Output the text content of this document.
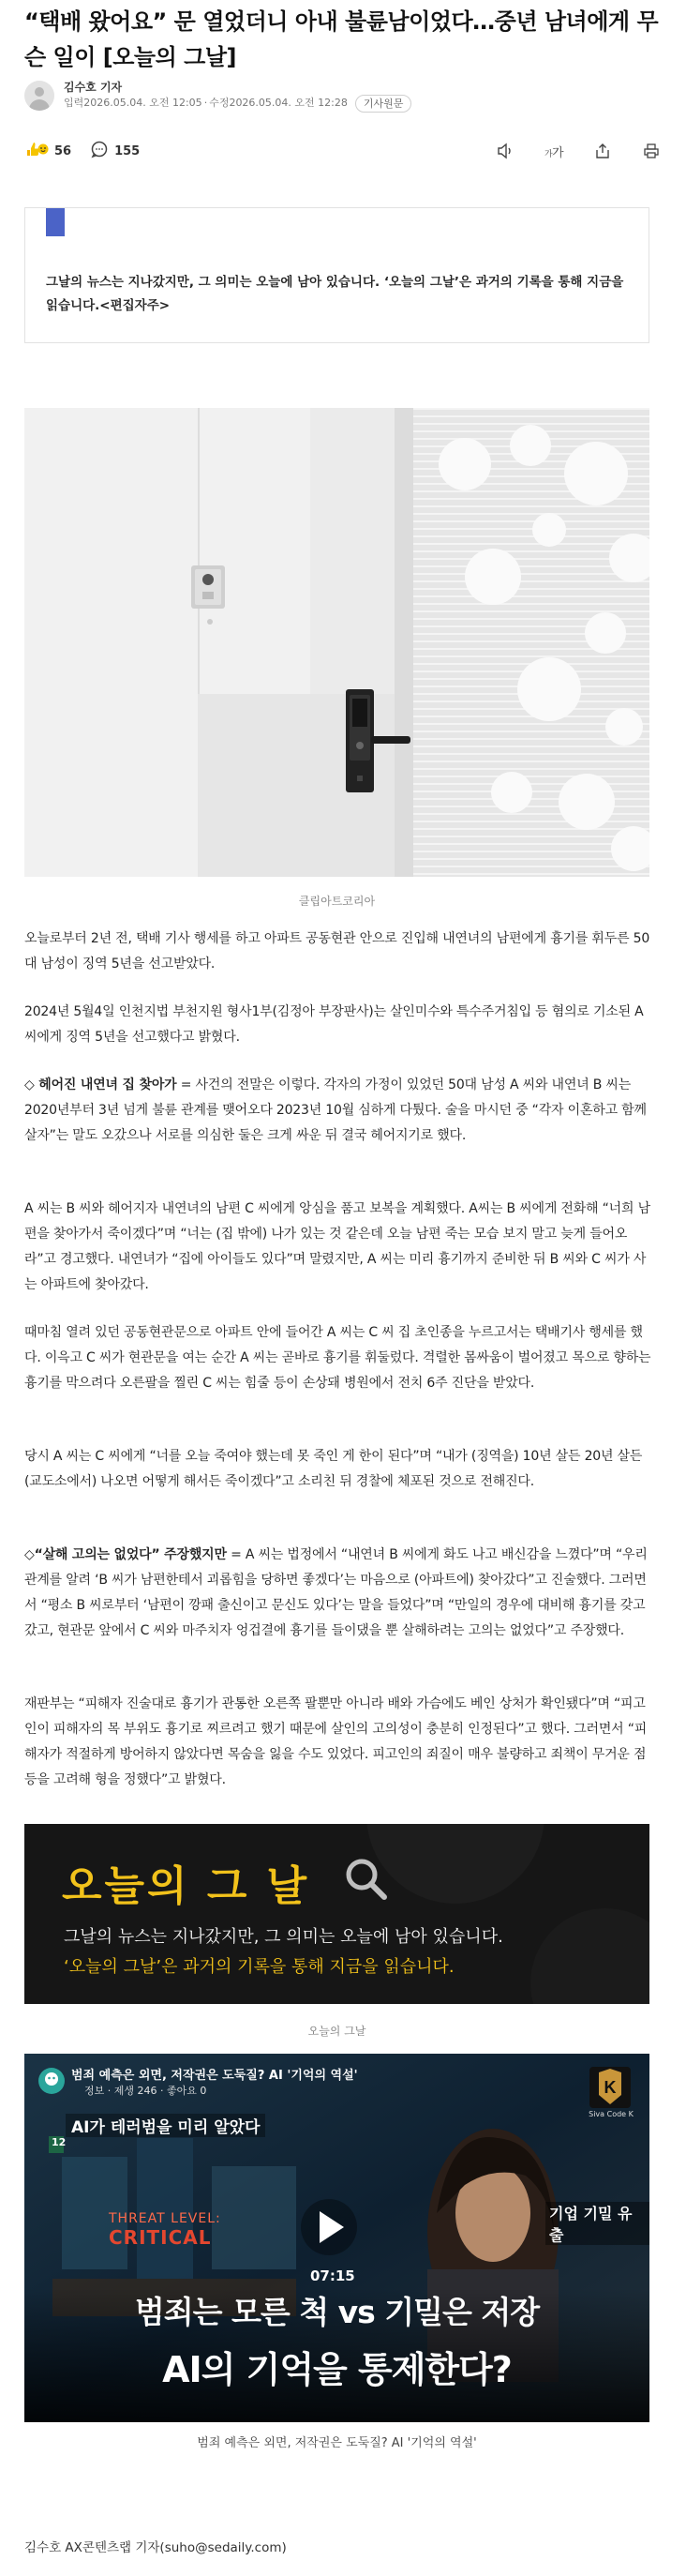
“택배 왔어요” 문 열었더니 아내 불륜남이었다…중년 남녀에게 무슨 일이 [오늘의 그날]
김수호 기자
입력2026.05.04. 오전 12:05 · 수정2026.05.04. 오전 12:28	기사원문
56	155	가 가

그날의 뉴스는 지나갔지만, 그 의미는 오늘에 남아 있습니다. ‘오늘의 그날’은 과거의 기록을 통해 지금을 읽습니다.<편집자주>

클립아트코리아

오늘로부터 2년 전, 택배 기사 행세를 하고 아파트 공동현관 안으로 진입해 내연녀의 남편에게 흉기를 휘두른 50대 남성이 징역 5년을 선고받았다.

2024년 5월4일 인천지법 부천지원 형사1부(김정아 부장판사)는 살인미수와 특수주거침입 등 혐의로 기소된 A 씨에게 징역 5년을 선고했다고 밝혔다.

◇ 헤어진 내연녀 집 찾아가 = 사건의 전말은 이렇다. 각자의 가정이 있었던 50대 남성 A 씨와 내연녀 B 씨는 2020년부터 3년 넘게 불륜 관계를 맺어오다 2023년 10월 심하게 다퉜다. 술을 마시던 중 “각자 이혼하고 함께 살자”는 말도 오갔으나 서로를 의심한 둘은 크게 싸운 뒤 결국 헤어지기로 했다.

A 씨는 B 씨와 헤어지자 내연녀의 남편 C 씨에게 앙심을 품고 보복을 계획했다. A씨는 B 씨에게 전화해 “너희 남편을 찾아가서 죽이겠다”며 “너는 (집 밖에) 나가 있는 것 같은데 오늘 남편 죽는 모습 보지 말고 늦게 들어오라”고 경고했다. 내연녀가 “집에 아이들도 있다”며 말렸지만, A 씨는 미리 흉기까지 준비한 뒤 B 씨와 C 씨가 사는 아파트에 찾아갔다.

때마침 열려 있던 공동현관문으로 아파트 안에 들어간 A 씨는 C 씨 집 초인종을 누르고서는 택배기사 행세를 했다. 이윽고 C 씨가 현관문을 여는 순간 A 씨는 곧바로 흉기를 휘둘렀다. 격렬한 몸싸움이 벌어졌고 목으로 향하는 흉기를 막으려다 오른팔을 찔린 C 씨는 힘줄 등이 손상돼 병원에서 전치 6주 진단을 받았다.

당시 A 씨는 C 씨에게 “너를 오늘 죽여야 했는데 못 죽인 게 한이 된다”며 “내가 (징역을) 10년 살든 20년 살든 (교도소에서) 나오면 어떻게 해서든 죽이겠다”고 소리친 뒤 경찰에 체포된 것으로 전해진다.

◇“살해 고의는 없었다” 주장했지만 = A 씨는 법정에서 “내연녀 B 씨에게 화도 나고 배신감을 느꼈다”며 “우리 관계를 알려 ‘B 씨가 남편한테서 괴롭힘을 당하면 좋겠다’는 마음으로 (아파트에) 찾아갔다”고 진술했다. 그러면서 “평소 B 씨로부터 ‘남편이 깡패 출신이고 문신도 있다’는 말을 들었다”며 “만일의 경우에 대비해 흉기를 갖고 갔고, 현관문 앞에서 C 씨와 마주치자 엉겁결에 흉기를 들이댔을 뿐 살해하려는 고의는 없었다”고 주장했다.

재판부는 “피해자 진술대로 흉기가 관통한 오른쪽 팔뿐만 아니라 배와 가슴에도 베인 상처가 확인됐다”며 “피고인이 피해자의 목 부위도 흉기로 찌르려고 했기 때문에 살인의 고의성이 충분히 인정된다”고 했다. 그러면서 “피해자가 적절하게 방어하지 않았다면 목숨을 잃을 수도 있었다. 피고인의 죄질이 매우 불량하고 죄책이 무거운 점 등을 고려해 형을 정했다”고 밝혔다.

오늘의 그 날
그날의 뉴스는 지나갔지만, 그 의미는 오늘에 남아 있습니다.
‘오늘의 그날’은 과거의 기록을 통해 지금을 읽습니다.
오늘의 그날
범죄 예측은 외면, 저작권은 도둑질? AI '기억의 역설'
정보 · 제생 246 · 좋아요 0	K
Siva Code K
AI가 테러범을 미리 알았다
12
THREAT LEVEL:
CRITICAL
기업 기밀 유출
07:15
범죄는 모른 척 vs 기밀은 저장
AI의 기억을 통제한다?
범죄 예측은 외면, 저작권은 도둑질? AI '기억의 역설'
김수호 AX콘텐츠랩 기자(suho@sedaily.com)
